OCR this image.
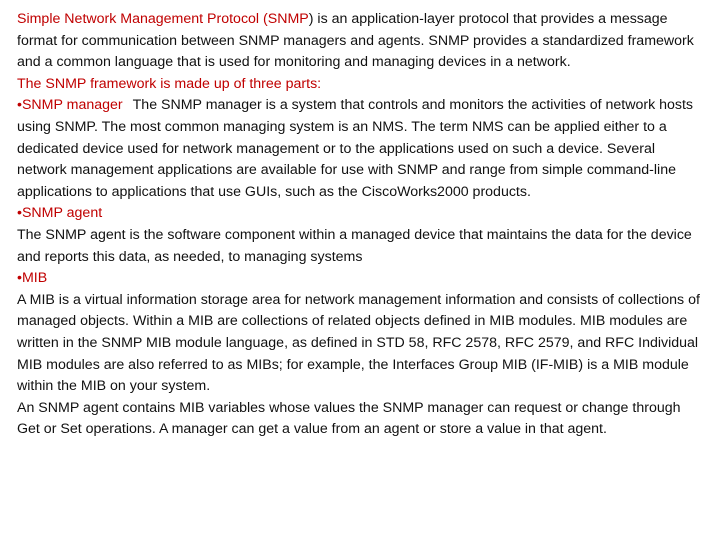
Simple Network Management Protocol (SNMP) is an application-layer protocol that provides a message format for communication between SNMP managers and agents. SNMP provides a standardized framework and a common language that is used for monitoring and managing devices in a network.

The SNMP framework is made up of three parts:

•SNMP manager The SNMP manager is a system that controls and monitors the activities of network hosts using SNMP. The most common managing system is an NMS. The term NMS can be applied either to a dedicated device used for network management or to the applications used on such a device. Several network management applications are available for use with SNMP and range from simple command-line applications to applications that use GUIs, such as the CiscoWorks2000 products.

•SNMP agent

The SNMP agent is the software component within a managed device that maintains the data for the device and reports this data, as needed, to managing systems

•MIB

A MIB is a virtual information storage area for network management information and consists of collections of managed objects. Within a MIB are collections of related objects defined in MIB modules. MIB modules are written in the SNMP MIB module language, as defined in STD 58, RFC 2578, RFC 2579, and RFC Individual MIB modules are also referred to as MIBs; for example, the Interfaces Group MIB (IF-MIB) is a MIB module within the MIB on your system.

An SNMP agent contains MIB variables whose values the SNMP manager can request or change through Get or Set operations. A manager can get a value from an agent or store a value in that agent.
